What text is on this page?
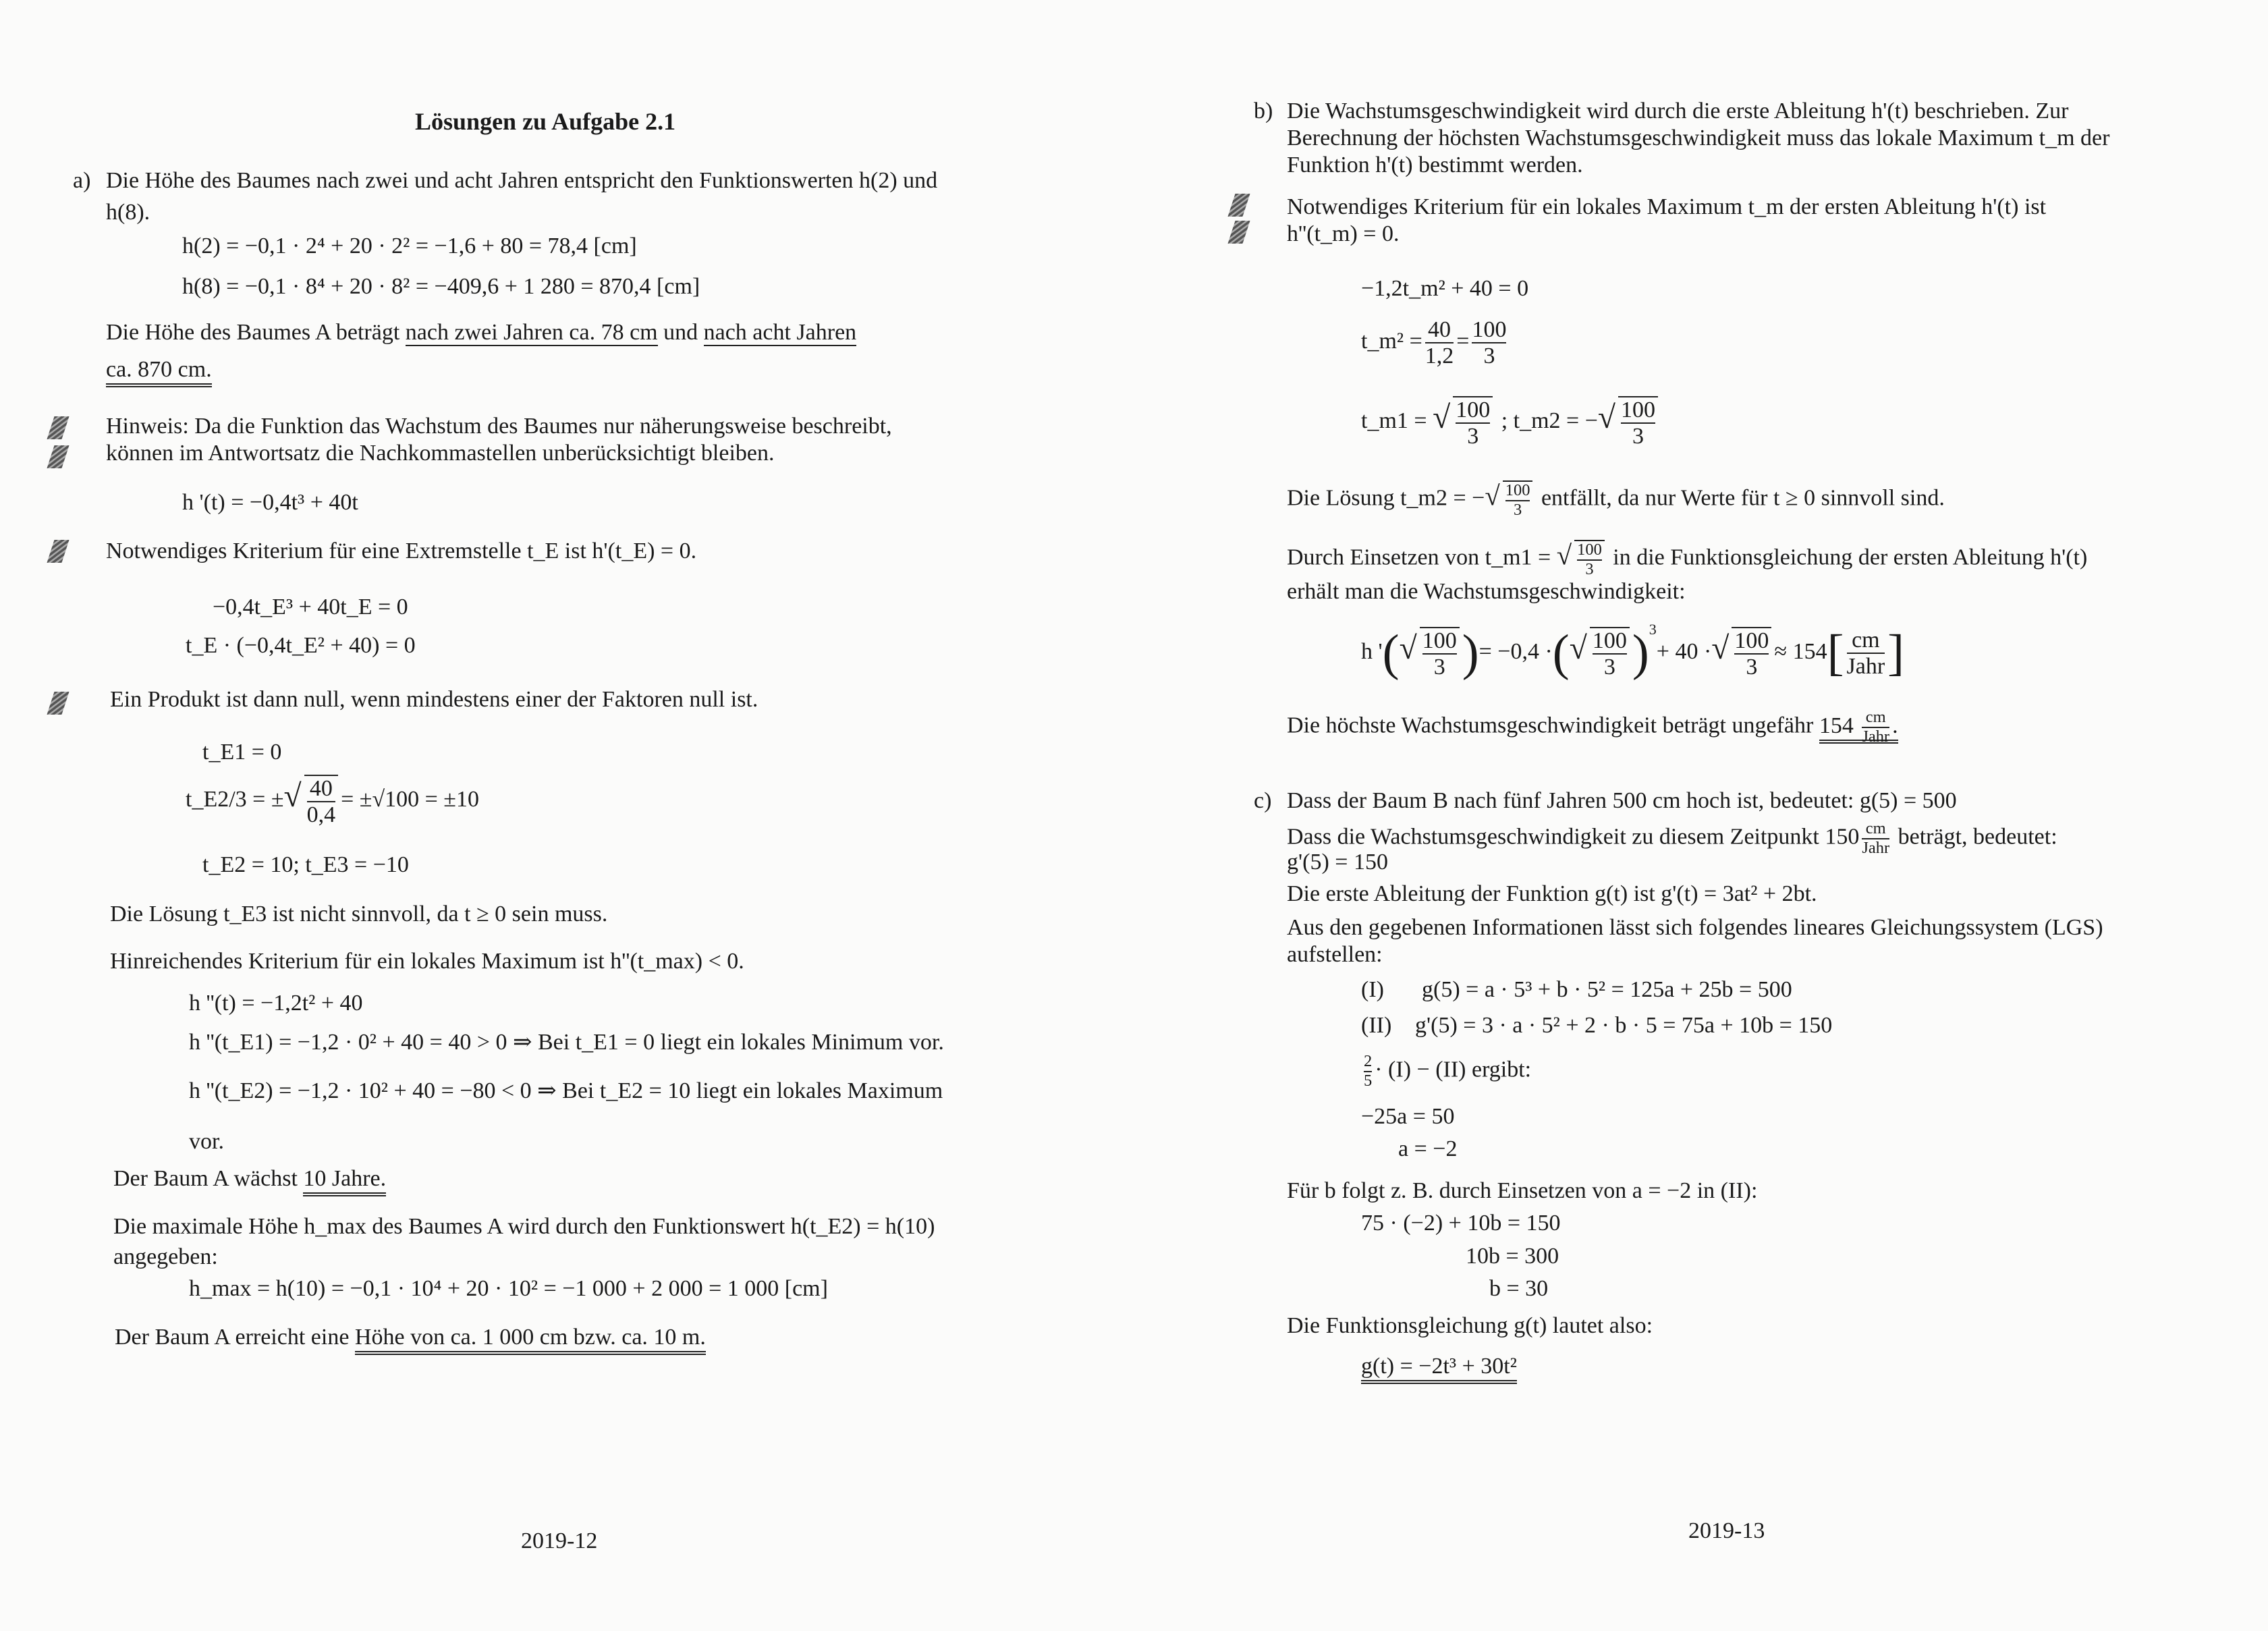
Lösungen zu Aufgabe 2.1
a) Die Höhe des Baumes nach zwei und acht Jahren entspricht den Funktionswerten h(2) und
h(8).
h(2) = −0,1 · 2⁴ + 20 · 2² = −1,6 + 80 = 78,4 [cm]
h(8) = −0,1 · 8⁴ + 20 · 8² = −409,6 + 1 280 = 870,4 [cm]
Die Höhe des Baumes A beträgt nach zwei Jahren ca. 78 cm und nach acht Jahren
ca. 870 cm.
Hinweis: Da die Funktion das Wachstum des Baumes nur näherungsweise beschreibt,
können im Antwortsatz die Nachkommastellen unberücksichtigt bleiben.
h '(t) = −0,4t³ + 40t
Notwendiges Kriterium für eine Extremstelle t_E ist h'(t_E) = 0.
−0,4t_E³ + 40t_E = 0
t_E · (−0,4t_E² + 40) = 0
Ein Produkt ist dann null, wenn mindestens einer der Faktoren null ist.
t_E1 = 0
t_E2/3 = ±√ $\frac{40}{0,4} = \pm√100 = \pm 10$
t_E2 = 10; t_E3 = −10
Die Lösung t_E3 ist nicht sinnvoll, da t ≥ 0 sein muss.
Hinreichendes Kriterium für ein lokales Maximum ist h''(t_max) < 0.
h ''(t) = −1,2t² + 40
h ''(t_E1) = −1,2 · 0² + 40 = 40 > 0 ⇒ Bei t_E1 = 0 liegt ein lokales Minimum vor.
h ''(t_E2) = −1,2 · 10² + 40 = −80 < 0 ⇒ Bei t_E2 = 10 liegt ein lokales Maximum
vor.
Der Baum A wächst 10 Jahre.
Die maximale Höhe h_max des Baumes A wird durch den Funktionswert h(t_E2) = h(10)
angegeben:
h_max = h(10) = −0,1 · 10⁴ + 20 · 10² = −1 000 + 2 000 = 1 000 [cm]
Der Baum A erreicht eine Höhe von ca. 1 000 cm bzw. ca. 10 m.
2019-12
b) Die Wachstumsgeschwindigkeit wird durch die erste Ableitung h'(t) beschrieben. Zur
Berechnung der höchsten Wachstumsgeschwindigkeit muss das lokale Maximum t_m der
Funktion h'(t) bestimmt werden.
Notwendiges Kriterium für ein lokales Maximum t_m der ersten Ableitung h'(t) ist
h''(t_m) = 0.
−1,2t_m² + 40 = 0
t_m² = $\frac{40}{1,2} = \frac{100}{3}$
t_m1 = √ $\frac{100}{3}$ ; t_m2 = −√ $\frac{100}{3}$
Die Lösung t_m2 = −√ $\frac{100}{3}$ entfällt, da nur Werte für t ≥ 0 sinnvoll sind.
Durch Einsetzen von t_m1 = √ $\frac{100}{3}$ in die Funktionsgleichung der ersten Ableitung h'(t)
erhält man die Wachstumsgeschwindigkeit:
h '(√ $\frac{100}{3}$ )= −0,4 ·(√ $\frac{100}{3} )^3+ 40$ ·√ $\frac{100}{3} \approx 154$[ cm
Jahr ]
Die höchste Wachstumsgeschwindigkeit beträgt ungefähr 154 cm
Jahr .
c) Dass der Baum B nach fünf Jahren 500 cm hoch ist, bedeutet: g(5) = 500
Dass die Wachstumsgeschwindigkeit zu diesem Zeitpunkt 150 cm
Jahr beträgt, bedeutet:
g'(5) = 150
Die erste Ableitung der Funktion g(t) ist g'(t) = 3at² + 2bt.
Aus den gegebenen Informationen lässt sich folgendes lineares Gleichungssystem (LGS)
aufstellen:
(I) g(5) = a · 5³ + b · 5² = 125a + 25b = 500
(II) g'(5) = 3 · a · 5² + 2 · b · 5 = 75a + 10b = 150
$\frac{2}{5} \cdot (I) - (II)$ ergibt:
−25a = 50
a = −2
Für b folgt z. B. durch Einsetzen von a = −2 in (II):
75 · (−2) + 10b = 150
10b = 300
b = 30
Die Funktionsgleichung g(t) lautet also:
g(t) = −2t³ + 30t²
2019-13
